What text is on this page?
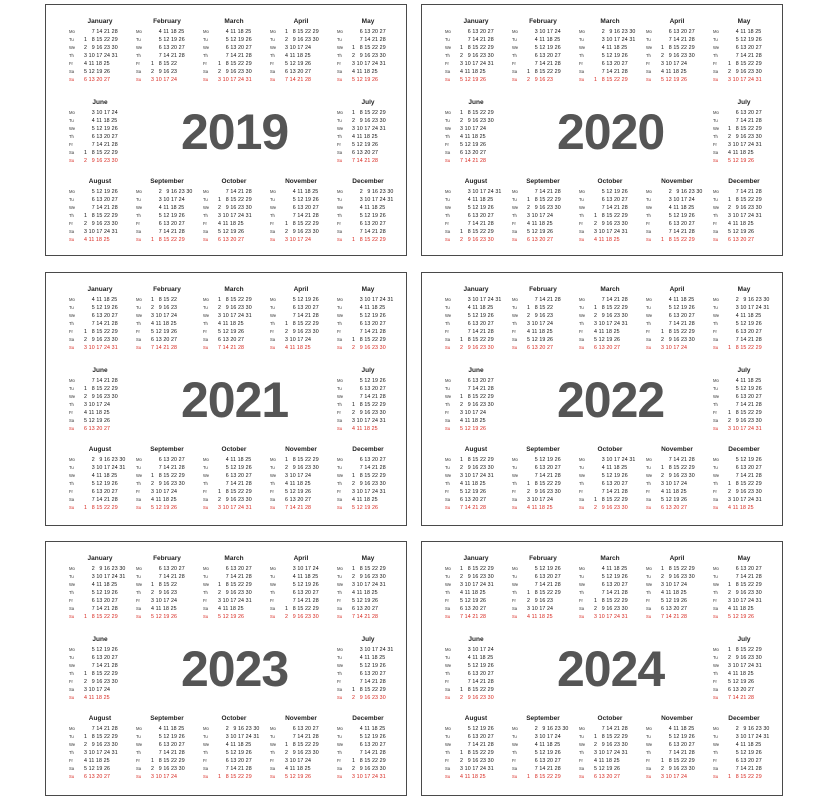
2019
January
Mo	    7 14 21 28
Tu	 1  8 15 22 29
We	 2  9 16 23 30
Th	 3 10 17 24 31
Fr	 4 11 18 25
Sa	 5 12 19 26
Su	 6 13 20 27
February
Mo	    4 11 18 25
Tu	    5 12 19 26
We	    6 13 20 27
Th	    7 14 21 28
Fr	 1  8 15 22
Sa	 2  9 16 23
Su	 3 10 17 24
March
Mo	    4 11 18 25
Tu	    5 12 19 26
We	    6 13 20 27
Th	    7 14 21 28
Fr	 1  8 15 22 29
Sa	 2  9 16 23 30
Su	 3 10 17 24 31
April
Mo	 1  8 15 22 29
Tu	 2  9 16 23 30
We	 3 10 17 24
Th	 4 11 18 25
Fr	 5 12 19 26
Sa	 6 13 20 27
Su	 7 14 21 28
May
Mo	    6 13 20 27
Tu	    7 14 21 28
We	 1  8 15 22 29
Th	 2  9 16 23 30
Fr	 3 10 17 24 31
Sa	 4 11 18 25
Su	 5 12 19 26
June
Mo	    3 10 17 24
Tu	    4 11 18 25
We	    5 12 19 26
Th	    6 13 20 27
Fr	    7 14 21 28
Sa	 1  8 15 22 29
Su	 2  9 16 23 30
July
Mo	 1  8 15 22 29
Tu	 2  9 16 23 30
We	 3 10 17 24 31
Th	 4 11 18 25
Fr	 5 12 19 26
Sa	 6 13 20 27
Su	 7 14 21 28
August
Mo	    5 12 19 26
Tu	    6 13 20 27
We	    7 14 21 28
Th	 1  8 15 22 29
Fr	 2  9 16 23 30
Sa	 3 10 17 24 31
Su	 4 11 18 25
September
Mo	    2  9 16 23 30
Tu	    3 10 17 24
We	    4 11 18 25
Th	    5 12 19 26
Fr	    6 13 20 27
Sa	    7 14 21 28
Su	 1  8 15 22 29
October
Mo	    7 14 21 28
Tu	 1  8 15 22 29
We	 2  9 16 23 30
Th	 3 10 17 24 31
Fr	 4 11 18 25
Sa	 5 12 19 26
Su	 6 13 20 27
November
Mo	    4 11 18 25
Tu	    5 12 19 26
We	    6 13 20 27
Th	    7 14 21 28
Fr	 1  8 15 22 29
Sa	 2  9 16 23 30
Su	 3 10 17 24
December
Mo	    2  9 16 23 30
Tu	    3 10 17 24 31
We	    4 11 18 25
Th	    5 12 19 26
Fr	    6 13 20 27
Sa	    7 14 21 28
Su	 1  8 15 22 29
2020
January
Mo	    6 13 20 27
Tu	    7 14 21 28
We	 1  8 15 22 29
Th	 2  9 16 23 30
Fr	 3 10 17 24 31
Sa	 4 11 18 25
Su	 5 12 19 26
February
Mo	    3 10 17 24
Tu	    4 11 18 25
We	    5 12 19 26
Th	    6 13 20 27
Fr	    7 14 21 28
Sa	 1  8 15 22 29
Su	 2  9 16 23
March
Mo	    2  9 16 23 30
Tu	    3 10 17 24 31
We	    4 11 18 25
Th	    5 12 19 26
Fr	    6 13 20 27
Sa	    7 14 21 28
Su	 1  8 15 22 29
April
Mo	    6 13 20 27
Tu	    7 14 21 28
We	 1  8 15 22 29
Th	 2  9 16 23 30
Fr	 3 10 17 24
Sa	 4 11 18 25
Su	 5 12 19 26
May
Mo	    4 11 18 25
Tu	    5 12 19 26
We	    6 13 20 27
Th	    7 14 21 28
Fr	 1  8 15 22 29
Sa	 2  9 16 23 30
Su	 3 10 17 24 31
June
Mo	 1  8 15 22 29
Tu	 2  9 16 23 30
We	 3 10 17 24
Th	 4 11 18 25
Fr	 5 12 19 26
Sa	 6 13 20 27
Su	 7 14 21 28
July
Mo	    6 13 20 27
Tu	    7 14 21 28
We	 1  8 15 22 29
Th	 2  9 16 23 30
Fr	 3 10 17 24 31
Sa	 4 11 18 25
Su	 5 12 19 26
August
Mo	    3 10 17 24 31
Tu	    4 11 18 25
We	    5 12 19 26
Th	    6 13 20 27
Fr	    7 14 21 28
Sa	 1  8 15 22 29
Su	 2  9 16 23 30
September
Mo	    7 14 21 28
Tu	 1  8 15 22 29
We	 2  9 16 23 30
Th	 3 10 17 24
Fr	 4 11 18 25
Sa	 5 12 19 26
Su	 6 13 20 27
October
Mo	    5 12 19 26
Tu	    6 13 20 27
We	    7 14 21 28
Th	 1  8 15 22 29
Fr	 2  9 16 23 30
Sa	 3 10 17 24 31
Su	 4 11 18 25
November
Mo	    2  9 16 23 30
Tu	    3 10 17 24
We	    4 11 18 25
Th	    5 12 19 26
Fr	    6 13 20 27
Sa	    7 14 21 28
Su	 1  8 15 22 29
December
Mo	    7 14 21 28
Tu	 1  8 15 22 29
We	 2  9 16 23 30
Th	 3 10 17 24 31
Fr	 4 11 18 25
Sa	 5 12 19 26
Su	 6 13 20 27
2021
January
Mo	    4 11 18 25
Tu	    5 12 19 26
We	    6 13 20 27
Th	    7 14 21 28
Fr	 1  8 15 22 29
Sa	 2  9 16 23 30
Su	 3 10 17 24 31
February
Mo	 1  8 15 22
Tu	 2  9 16 23
We	 3 10 17 24
Th	 4 11 18 25
Fr	 5 12 19 26
Sa	 6 13 20 27
Su	 7 14 21 28
March
Mo	 1  8 15 22 29
Tu	 2  9 16 23 30
We	 3 10 17 24 31
Th	 4 11 18 25
Fr	 5 12 19 26
Sa	 6 13 20 27
Su	 7 14 21 28
April
Mo	    5 12 19 26
Tu	    6 13 20 27
We	    7 14 21 28
Th	 1  8 15 22 29
Fr	 2  9 16 23 30
Sa	 3 10 17 24
Su	 4 11 18 25
May
Mo	    3 10 17 24 31
Tu	    4 11 18 25
We	    5 12 19 26
Th	    6 13 20 27
Fr	    7 14 21 28
Sa	 1  8 15 22 29
Su	 2  9 16 23 30
June
Mo	    7 14 21 28
Tu	 1  8 15 22 29
We	 2  9 16 23 30
Th	 3 10 17 24
Fr	 4 11 18 25
Sa	 5 12 19 26
Su	 6 13 20 27
July
Mo	    5 12 19 26
Tu	    6 13 20 27
We	    7 14 21 28
Th	 1  8 15 22 29
Fr	 2  9 16 23 30
Sa	 3 10 17 24 31
Su	 4 11 18 25
August
Mo	    2  9 16 23 30
Tu	    3 10 17 24 31
We	    4 11 18 25
Th	    5 12 19 26
Fr	    6 13 20 27
Sa	    7 14 21 28
Su	 1  8 15 22 29
September
Mo	    6 13 20 27
Tu	    7 14 21 28
We	 1  8 15 22 29
Th	 2  9 16 23 30
Fr	 3 10 17 24
Sa	 4 11 18 25
Su	 5 12 19 26
October
Mo	    4 11 18 25
Tu	    5 12 19 26
We	    6 13 20 27
Th	    7 14 21 28
Fr	 1  8 15 22 29
Sa	 2  9 16 23 30
Su	 3 10 17 24 31
November
Mo	 1  8 15 22 29
Tu	 2  9 16 23 30
We	 3 10 17 24
Th	 4 11 18 25
Fr	 5 12 19 26
Sa	 6 13 20 27
Su	 7 14 21 28
December
Mo	    6 13 20 27
Tu	    7 14 21 28
We	 1  8 15 22 29
Th	 2  9 16 23 30
Fr	 3 10 17 24 31
Sa	 4 11 18 25
Su	 5 12 19 26
2022
January
Mo	    3 10 17 24 31
Tu	    4 11 18 25
We	    5 12 19 26
Th	    6 13 20 27
Fr	    7 14 21 28
Sa	 1  8 15 22 29
Su	 2  9 16 23 30
February
Mo	    7 14 21 28
Tu	 1  8 15 22
We	 2  9 16 23
Th	 3 10 17 24
Fr	 4 11 18 25
Sa	 5 12 19 26
Su	 6 13 20 27
March
Mo	    7 14 21 28
Tu	 1  8 15 22 29
We	 2  9 16 23 30
Th	 3 10 17 24 31
Fr	 4 11 18 25
Sa	 5 12 19 26
Su	 6 13 20 27
April
Mo	    4 11 18 25
Tu	    5 12 19 26
We	    6 13 20 27
Th	    7 14 21 28
Fr	 1  8 15 22 29
Sa	 2  9 16 23 30
Su	 3 10 17 24
May
Mo	    2  9 16 23 30
Tu	    3 10 17 24 31
We	    4 11 18 25
Th	    5 12 19 26
Fr	    6 13 20 27
Sa	    7 14 21 28
Su	 1  8 15 22 29
June
Mo	    6 13 20 27
Tu	    7 14 21 28
We	 1  8 15 22 29
Th	 2  9 16 23 30
Fr	 3 10 17 24
Sa	 4 11 18 25
Su	 5 12 19 26
July
Mo	    4 11 18 25
Tu	    5 12 19 26
We	    6 13 20 27
Th	    7 14 21 28
Fr	 1  8 15 22 29
Sa	 2  9 16 23 30
Su	 3 10 17 24 31
August
Mo	 1  8 15 22 29
Tu	 2  9 16 23 30
We	 3 10 17 24 31
Th	 4 11 18 25
Fr	 5 12 19 26
Sa	 6 13 20 27
Su	 7 14 21 28
September
Mo	    5 12 19 26
Tu	    6 13 20 27
We	    7 14 21 28
Th	 1  8 15 22 29
Fr	 2  9 16 23 30
Sa	 3 10 17 24
Su	 4 11 18 25
October
Mo	    3 10 17 24 31
Tu	    4 11 18 25
We	    5 12 19 26
Th	    6 13 20 27
Fr	    7 14 21 28
Sa	 1  8 15 22 29
Su	 2  9 16 23 30
November
Mo	    7 14 21 28
Tu	 1  8 15 22 29
We	 2  9 16 23 30
Th	 3 10 17 24
Fr	 4 11 18 25
Sa	 5 12 19 26
Su	 6 13 20 27
December
Mo	    5 12 19 26
Tu	    6 13 20 27
We	    7 14 21 28
Th	 1  8 15 22 29
Fr	 2  9 16 23 30
Sa	 3 10 17 24 31
Su	 4 11 18 25
2023
January
Mo	    2  9 16 23 30
Tu	    3 10 17 24 31
We	    4 11 18 25
Th	    5 12 19 26
Fr	    6 13 20 27
Sa	    7 14 21 28
Su	 1  8 15 22 29
February
Mo	    6 13 20 27
Tu	    7 14 21 28
We	 1  8 15 22
Th	 2  9 16 23
Fr	 3 10 17 24
Sa	 4 11 18 25
Su	 5 12 19 26
March
Mo	    6 13 20 27
Tu	    7 14 21 28
We	 1  8 15 22 29
Th	 2  9 16 23 30
Fr	 3 10 17 24 31
Sa	 4 11 18 25
Su	 5 12 19 26
April
Mo	    3 10 17 24
Tu	    4 11 18 25
We	    5 12 19 26
Th	    6 13 20 27
Fr	    7 14 21 28
Sa	 1  8 15 22 29
Su	 2  9 16 23 30
May
Mo	 1  8 15 22 29
Tu	 2  9 16 23 30
We	 3 10 17 24 31
Th	 4 11 18 25
Fr	 5 12 19 26
Sa	 6 13 20 27
Su	 7 14 21 28
June
Mo	    5 12 19 26
Tu	    6 13 20 27
We	    7 14 21 28
Th	 1  8 15 22 29
Fr	 2  9 16 23 30
Sa	 3 10 17 24
Su	 4 11 18 25
July
Mo	    3 10 17 24 31
Tu	    4 11 18 25
We	    5 12 19 26
Th	    6 13 20 27
Fr	    7 14 21 28
Sa	 1  8 15 22 29
Su	 2  9 16 23 30
August
Mo	    7 14 21 28
Tu	 1  8 15 22 29
We	 2  9 16 23 30
Th	 3 10 17 24 31
Fr	 4 11 18 25
Sa	 5 12 19 26
Su	 6 13 20 27
September
Mo	    4 11 18 25
Tu	    5 12 19 26
We	    6 13 20 27
Th	    7 14 21 28
Fr	 1  8 15 22 29
Sa	 2  9 16 23 30
Su	 3 10 17 24
October
Mo	    2  9 16 23 30
Tu	    3 10 17 24 31
We	    4 11 18 25
Th	    5 12 19 26
Fr	    6 13 20 27
Sa	    7 14 21 28
Su	 1  8 15 22 29
November
Mo	    6 13 20 27
Tu	    7 14 21 28
We	 1  8 15 22 29
Th	 2  9 16 23 30
Fr	 3 10 17 24
Sa	 4 11 18 25
Su	 5 12 19 26
December
Mo	    4 11 18 25
Tu	    5 12 19 26
We	    6 13 20 27
Th	    7 14 21 28
Fr	 1  8 15 22 29
Sa	 2  9 16 23 30
Su	 3 10 17 24 31
2024
January
Mo	 1  8 15 22 29
Tu	 2  9 16 23 30
We	 3 10 17 24 31
Th	 4 11 18 25
Fr	 5 12 19 26
Sa	 6 13 20 27
Su	 7 14 21 28
February
Mo	    5 12 19 26
Tu	    6 13 20 27
We	    7 14 21 28
Th	 1  8 15 22 29
Fr	 2  9 16 23
Sa	 3 10 17 24
Su	 4 11 18 25
March
Mo	    4 11 18 25
Tu	    5 12 19 26
We	    6 13 20 27
Th	    7 14 21 28
Fr	 1  8 15 22 29
Sa	 2  9 16 23 30
Su	 3 10 17 24 31
April
Mo	 1  8 15 22 29
Tu	 2  9 16 23 30
We	 3 10 17 24
Th	 4 11 18 25
Fr	 5 12 19 26
Sa	 6 13 20 27
Su	 7 14 21 28
May
Mo	    6 13 20 27
Tu	    7 14 21 28
We	 1  8 15 22 29
Th	 2  9 16 23 30
Fr	 3 10 17 24 31
Sa	 4 11 18 25
Su	 5 12 19 26
June
Mo	    3 10 17 24
Tu	    4 11 18 25
We	    5 12 19 26
Th	    6 13 20 27
Fr	    7 14 21 28
Sa	 1  8 15 22 29
Su	 2  9 16 23 30
July
Mo	 1  8 15 22 29
Tu	 2  9 16 23 30
We	 3 10 17 24 31
Th	 4 11 18 25
Fr	 5 12 19 26
Sa	 6 13 20 27
Su	 7 14 21 28
August
Mo	    5 12 19 26
Tu	    6 13 20 27
We	    7 14 21 28
Th	 1  8 15 22 29
Fr	 2  9 16 23 30
Sa	 3 10 17 24 31
Su	 4 11 18 25
September
Mo	    2  9 16 23 30
Tu	    3 10 17 24
We	    4 11 18 25
Th	    5 12 19 26
Fr	    6 13 20 27
Sa	    7 14 21 28
Su	 1  8 15 22 29
October
Mo	    7 14 21 28
Tu	 1  8 15 22 29
We	 2  9 16 23 30
Th	 3 10 17 24 31
Fr	 4 11 18 25
Sa	 5 12 19 26
Su	 6 13 20 27
November
Mo	    4 11 18 25
Tu	    5 12 19 26
We	    6 13 20 27
Th	    7 14 21 28
Fr	 1  8 15 22 29
Sa	 2  9 16 23 30
Su	 3 10 17 24
December
Mo	    2  9 16 23 30
Tu	    3 10 17 24 31
We	    4 11 18 25
Th	    5 12 19 26
Fr	    6 13 20 27
Sa	    7 14 21 28
Su	 1  8 15 22 29
